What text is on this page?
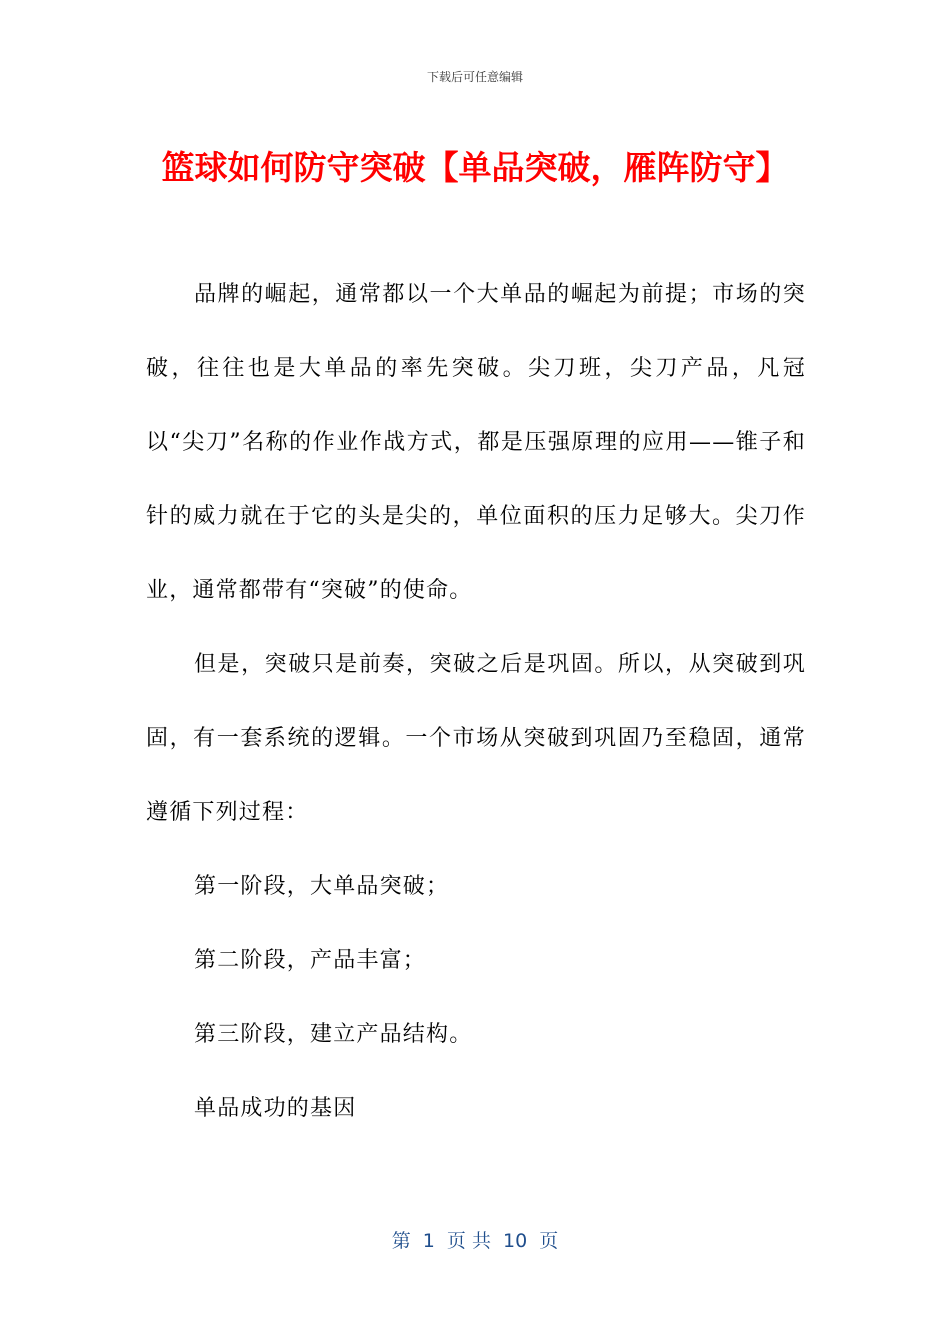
下载后可任意编辑
篮球如何防守突破【单品突破，雁阵防守】

品牌的崛起，通常都以一个大单品的崛起为前提；市场的突破，往往也是大单品的率先突破。尖刀班，尖刀产品，凡冠以“尖刀”名称的作业作战方式，都是压强原理的应用——锥子和针的威力就在于它的头是尖的，单位面积的压力足够大。尖刀作业，通常都带有“突破”的使命。

但是，突破只是前奏，突破之后是巩固。所以，从突破到巩固，有一套系统的逻辑。一个市场从突破到巩固乃至稳固，通常遵循下列过程：

第一阶段，大单品突破；

第二阶段，产品丰富；

第三阶段，建立产品结构。

单品成功的基因

第  1  页 共  10  页
